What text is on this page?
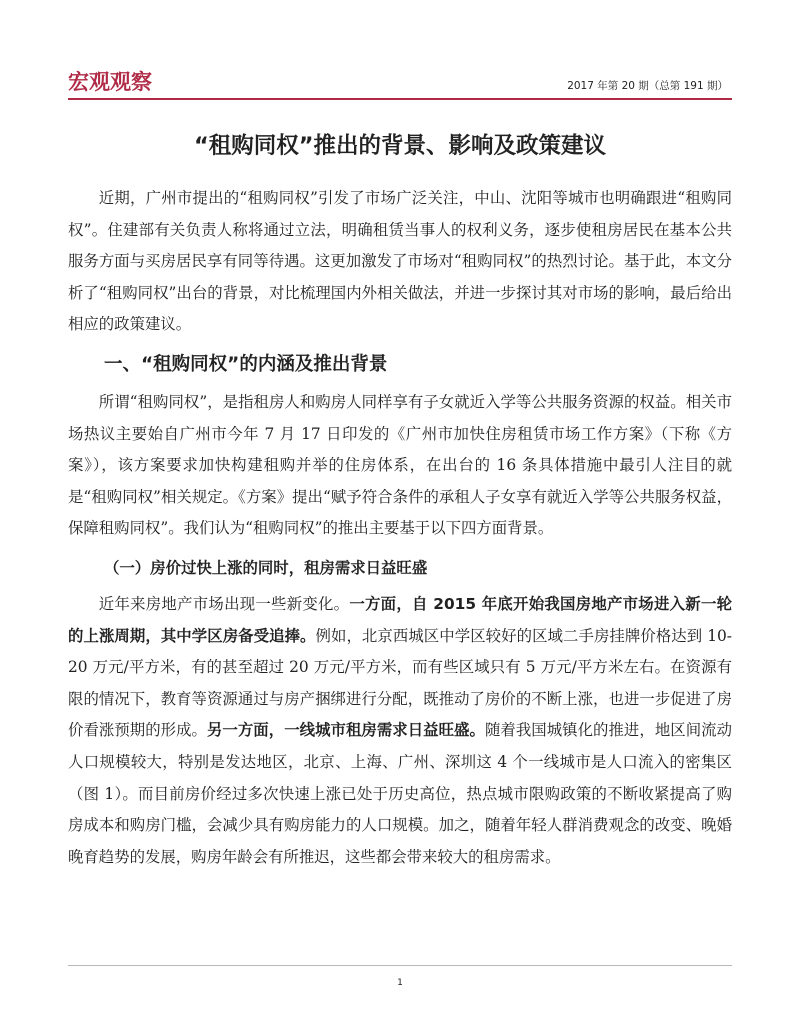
宏观观察	2017 年第 20 期（总第 191 期）
“租购同权”推出的背景、影响及政策建议

近期，广州市提出的“租购同权”引发了市场广泛关注，中山、沈阳等城市也明确跟进“租购同权”。住建部有关负责人称将通过立法，明确租赁当事人的权利义务，逐步使租房居民在基本公共服务方面与买房居民享有同等待遇。这更加激发了市场对“租购同权”的热烈讨论。基于此，本文分析了“租购同权”出台的背景，对比梳理国内外相关做法，并进一步探讨其对市场的影响，最后给出相应的政策建议。

一、“租购同权”的内涵及推出背景

所谓“租购同权”，是指租房人和购房人同样享有子女就近入学等公共服务资源的权益。相关市场热议主要始自广州市今年 7 月 17 日印发的《广州市加快住房租赁市场工作方案》（下称《方案》），该方案要求加快构建租购并举的住房体系，在出台的 16 条具体措施中最引人注目的就是“租购同权”相关规定。《方案》提出“赋予符合条件的承租人子女享有就近入学等公共服务权益，保障租购同权”。我们认为“租购同权”的推出主要基于以下四方面背景。

（一）房价过快上涨的同时，租房需求日益旺盛

近年来房地产市场出现一些新变化。一方面，自 2015 年底开始我国房地产市场进入新一轮的上涨周期，其中学区房备受追捧。例如，北京西城区中学区较好的区域二手房挂牌价格达到 10-20 万元/平方米，有的甚至超过 20 万元/平方米，而有些区域只有 5 万元/平方米左右。在资源有限的情况下，教育等资源通过与房产捆绑进行分配，既推动了房价的不断上涨，也进一步促进了房价看涨预期的形成。另一方面，一线城市租房需求日益旺盛。随着我国城镇化的推进，地区间流动人口规模较大，特别是发达地区，北京、上海、广州、深圳这 4 个一线城市是人口流入的密集区（图 1）。而目前房价经过多次快速上涨已处于历史高位，热点城市限购政策的不断收紧提高了购房成本和购房门槛，会减少具有购房能力的人口规模。加之，随着年轻人群消费观念的改变、晚婚晚育趋势的发展，购房年龄会有所推迟，这些都会带来较大的租房需求。

1
